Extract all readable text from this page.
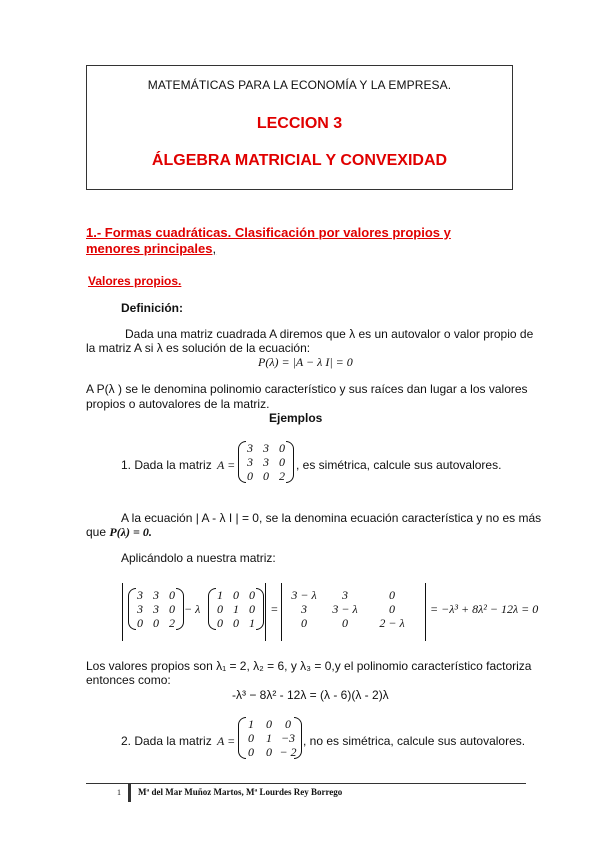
MATEMÁTICAS PARA LA ECONOMÍA Y LA EMPRESA.
LECCION 3
ÁLGEBRA MATRICIAL Y CONVEXIDAD
1.- Formas cuadráticas. Clasificación por valores propios y
menores principales,
Valores propios.
Definición:
Dada una matriz cuadrada A diremos que λ es un autovalor o valor propio de
la matriz A si λ es solución de la ecuación:
P(λ) = |A − λ I| = 0
A P(λ ) se le denomina polinomio característico y sus raíces dan lugar a los valores
propios o autovalores de la matriz.
Ejemplos
1. Dada la matriz A =
3 3 0
3 3 0
0 0 2
, es simétrica, calcule sus autovalores.
A la ecuación | A - λ I | = 0, se la denomina ecuación característica y no es más
que P(λ) = 0.
Aplicándolo a nuestra matriz:
3 3 0
3 3 0
0 0 2
− λ
1 0 0
0 1 0
0 0 1
=
3 − λ	3	0
3	3 − λ	0
0	0	2 − λ
= −λ³ + 8λ² − 12λ = 0
Los valores propios son λ₁ = 2, λ₂ = 6, y λ₃ = 0,y el polinomio característico factoriza
entonces como:
-λ³ − 8λ² - 12λ = (λ - 6)(λ - 2)λ
2. Dada la matriz A =
1	0	0
0	1 −3
0	0 − 2
, no es simétrica, calcule sus autovalores.
1 Mª del Mar Muñoz Martos, Mª Lourdes Rey Borrego
